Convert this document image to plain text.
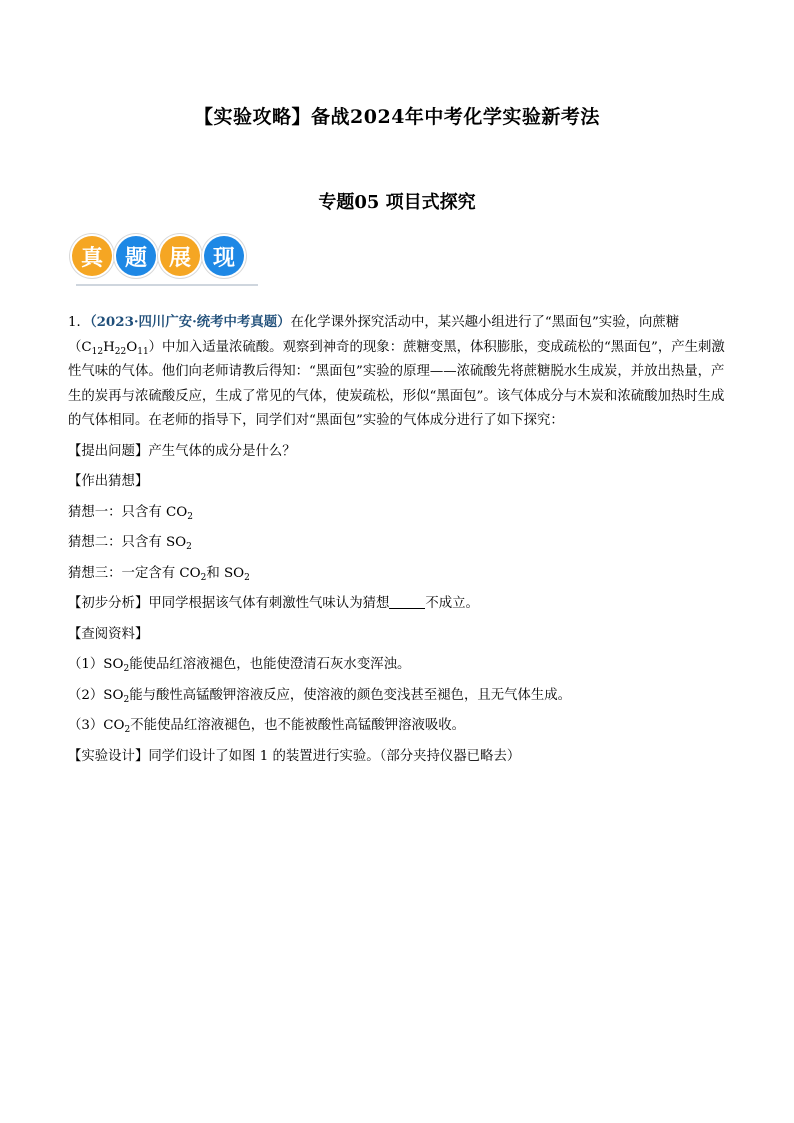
【实验攻略】备战2024年中考化学实验新考法
专题05 项目式探究
真 题 展 现

1．（2023·四川广安·统考中考真题）在化学课外探究活动中，某兴趣小组进行了“黑面包”实验，向蔗糖$(C_{12}H_{22}O_{11})$中加入适量浓硫酸。观察到神奇的现象：蔗糖变黑，体积膨胀，变成疏松的“黑面包”，产生刺激性气味的气体。他们向老师请教后得知：“黑面包”实验的原理——浓硫酸先将蔗糖脱水生成炭，并放出热量，产生的炭再与浓硫酸反应，生成了常见的气体，使炭疏松，形似“黑面包”。该气体成分与木炭和浓硫酸加热时生成的气体相同。在老师的指导下，同学们对“黑面包”实验的气体成分进行了如下探究：

【提出问题】产生气体的成分是什么？

【作出猜想】

猜想一：只含有 $CO_2$

猜想二：只含有 $SO_2$

猜想三：一定含有 $CO_2$和 $SO_2$

【初步分析】甲同学根据该气体有刺激性气味认为猜想	不成立。

【查阅资料】

$(1)SO_2$能使品红溶液褪色，也能使澄清石灰水变浑浊。

$(2)SO_2$能与酸性高锰酸钾溶液反应，使溶液的颜色变浅甚至褪色，且无气体生成。

$(3)CO_2$不能使品红溶液褪色，也不能被酸性高锰酸钾溶液吸收。

【实验设计】同学们设计了如图 1 的装置进行实验。（部分夹持仪器已略去）
